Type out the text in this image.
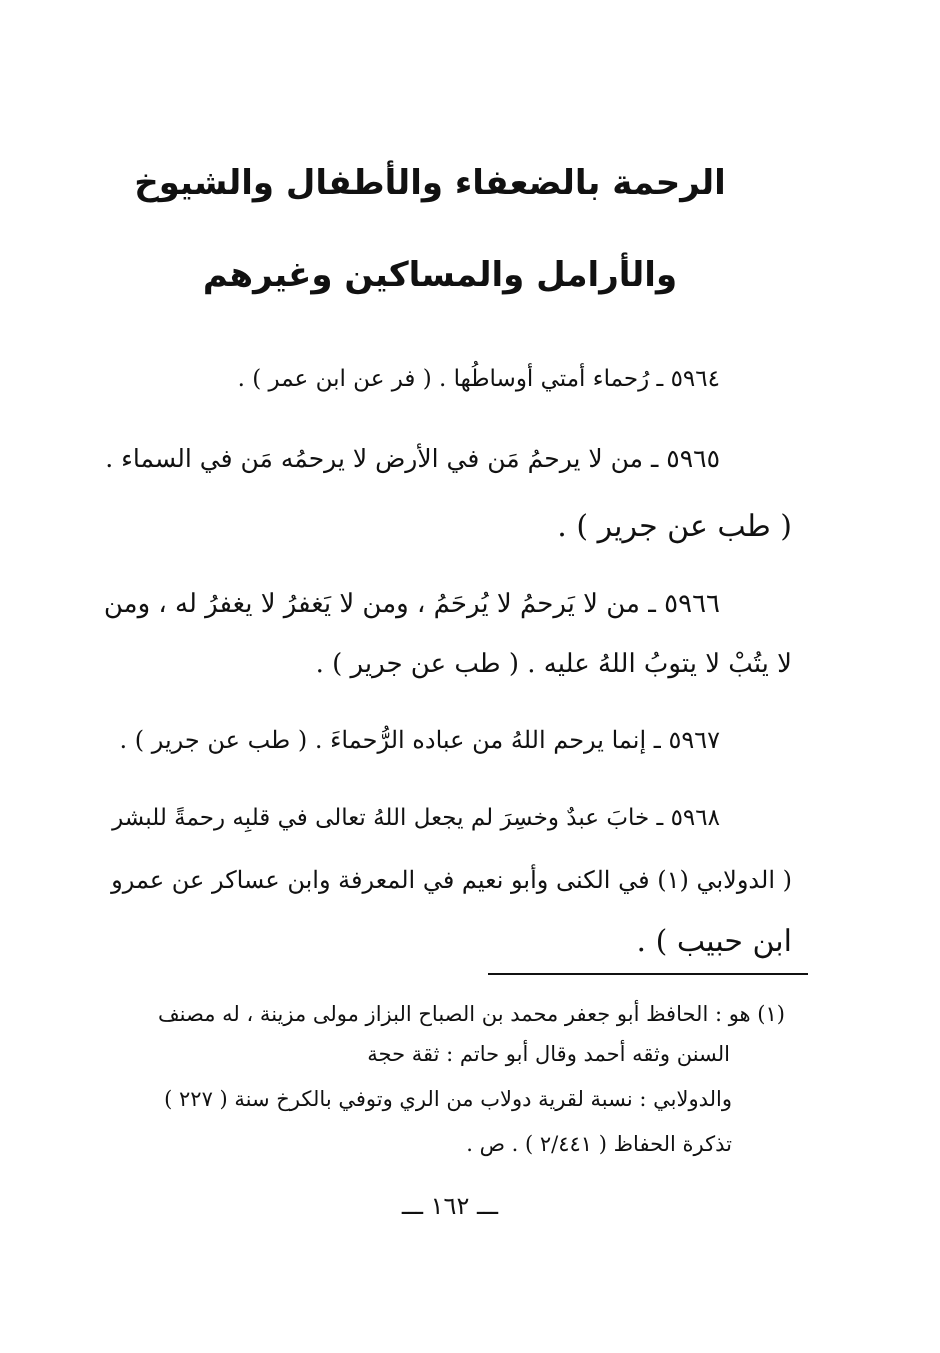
الرحمة بالضعفاء والأطفال والشيوخ
والأرامل والمساكين وغيرهم
٥٩٦٤ ـ رُحماء أمتي أوساطُها . ( فر عن ابن عمر ) .
٥٩٦٥ ـ من لا يرحمُ مَن في الأرض لا يرحمُه مَن في السماء .
( طب عن جرير ) .
٥٩٦٦ ـ من لا يَرحمُ لا يُرحَمُ ، ومن لا يَغفرُ لا يغفرُ له ، ومن
لا يتُبْ لا يتوبُ اللهُ عليه . ( طب عن جرير ) .
٥٩٦٧ ـ إنما يرحم اللهُ من عباده الرُّحماءَ . ( طب عن جرير ) .
٥٩٦٨ ـ خابَ عبدٌ وخسِرَ لم يجعل اللهُ تعالى في قلبِه رحمةً للبشر
( الدولابي (١) في الكنى وأبو نعيم في المعرفة وابن عساكر عن عمرو
ابن حبيب ) .
(١) هو : الحافظ أبو جعفر محمد بن الصباح البزاز مولى مزينة ، له مصنف
السنن وثقه أحمد وقال أبو حاتم : ثقة حجة
والدولابي : نسبة لقرية دولاب من الري وتوفي بالكرخ سنة ( ٢٢٧ )
تذكرة الحفاظ ( ٢/٤٤١ ) . ص .
ـــ ١٦٢ ـــ
